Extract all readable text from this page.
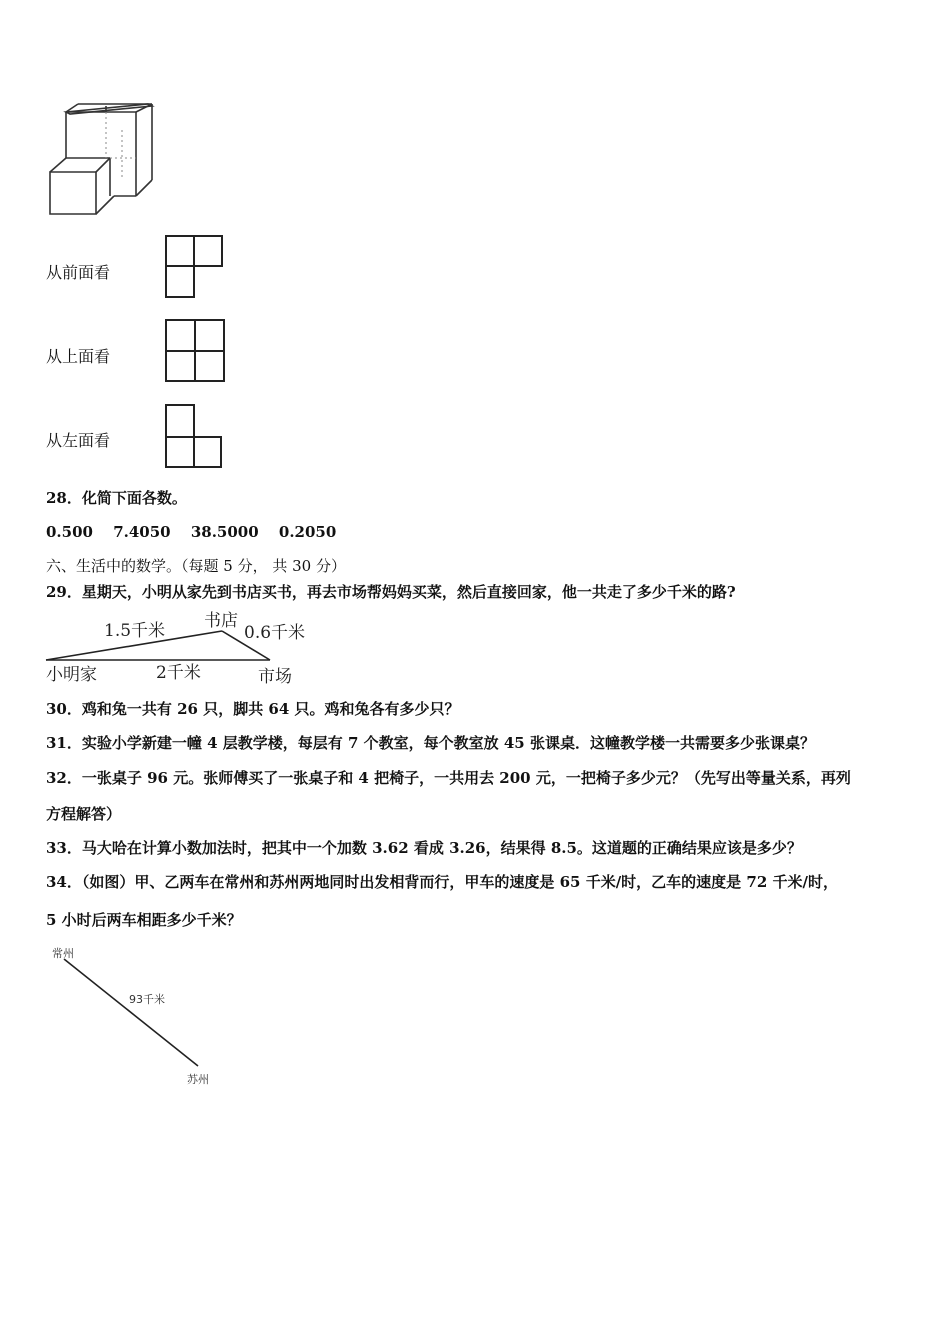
从前面看
从上面看
从左面看
28．化简下面各数。
0.500　 7.4050　 38.5000　 0.2050
六、生活中的数学。（每题 5 分， 共 30 分）
29．星期天，小明从家先到书店买书，再去市场帮妈妈买菜，然后直接回家，他一共走了多少千米的路?
1.5千米 书店
0.6千米
小明家	2千米	市场
30．鸡和兔一共有 26 只，脚共 64 只。鸡和兔各有多少只？
31．实验小学新建一幢 4 层教学楼，每层有 7 个教室，每个教室放 45 张课桌．这幢教学楼一共需要多少张课桌？
32．一张桌子 96 元。张师傅买了一张桌子和 4 把椅子，一共用去 200 元，一把椅子多少元？（先写出等量关系，再列
方程解答）
33．马大哈在计算小数加法时，把其中一个加数 3.62 看成 3.26，结果得 8.5。这道题的正确结果应该是多少？
34．（如图）甲、乙两车在常州和苏州两地同时出发相背而行，甲车的速度是 65 千米/时，乙车的速度是 72 千米/时，
5 小时后两车相距多少千米？
常州
93千米
苏州
